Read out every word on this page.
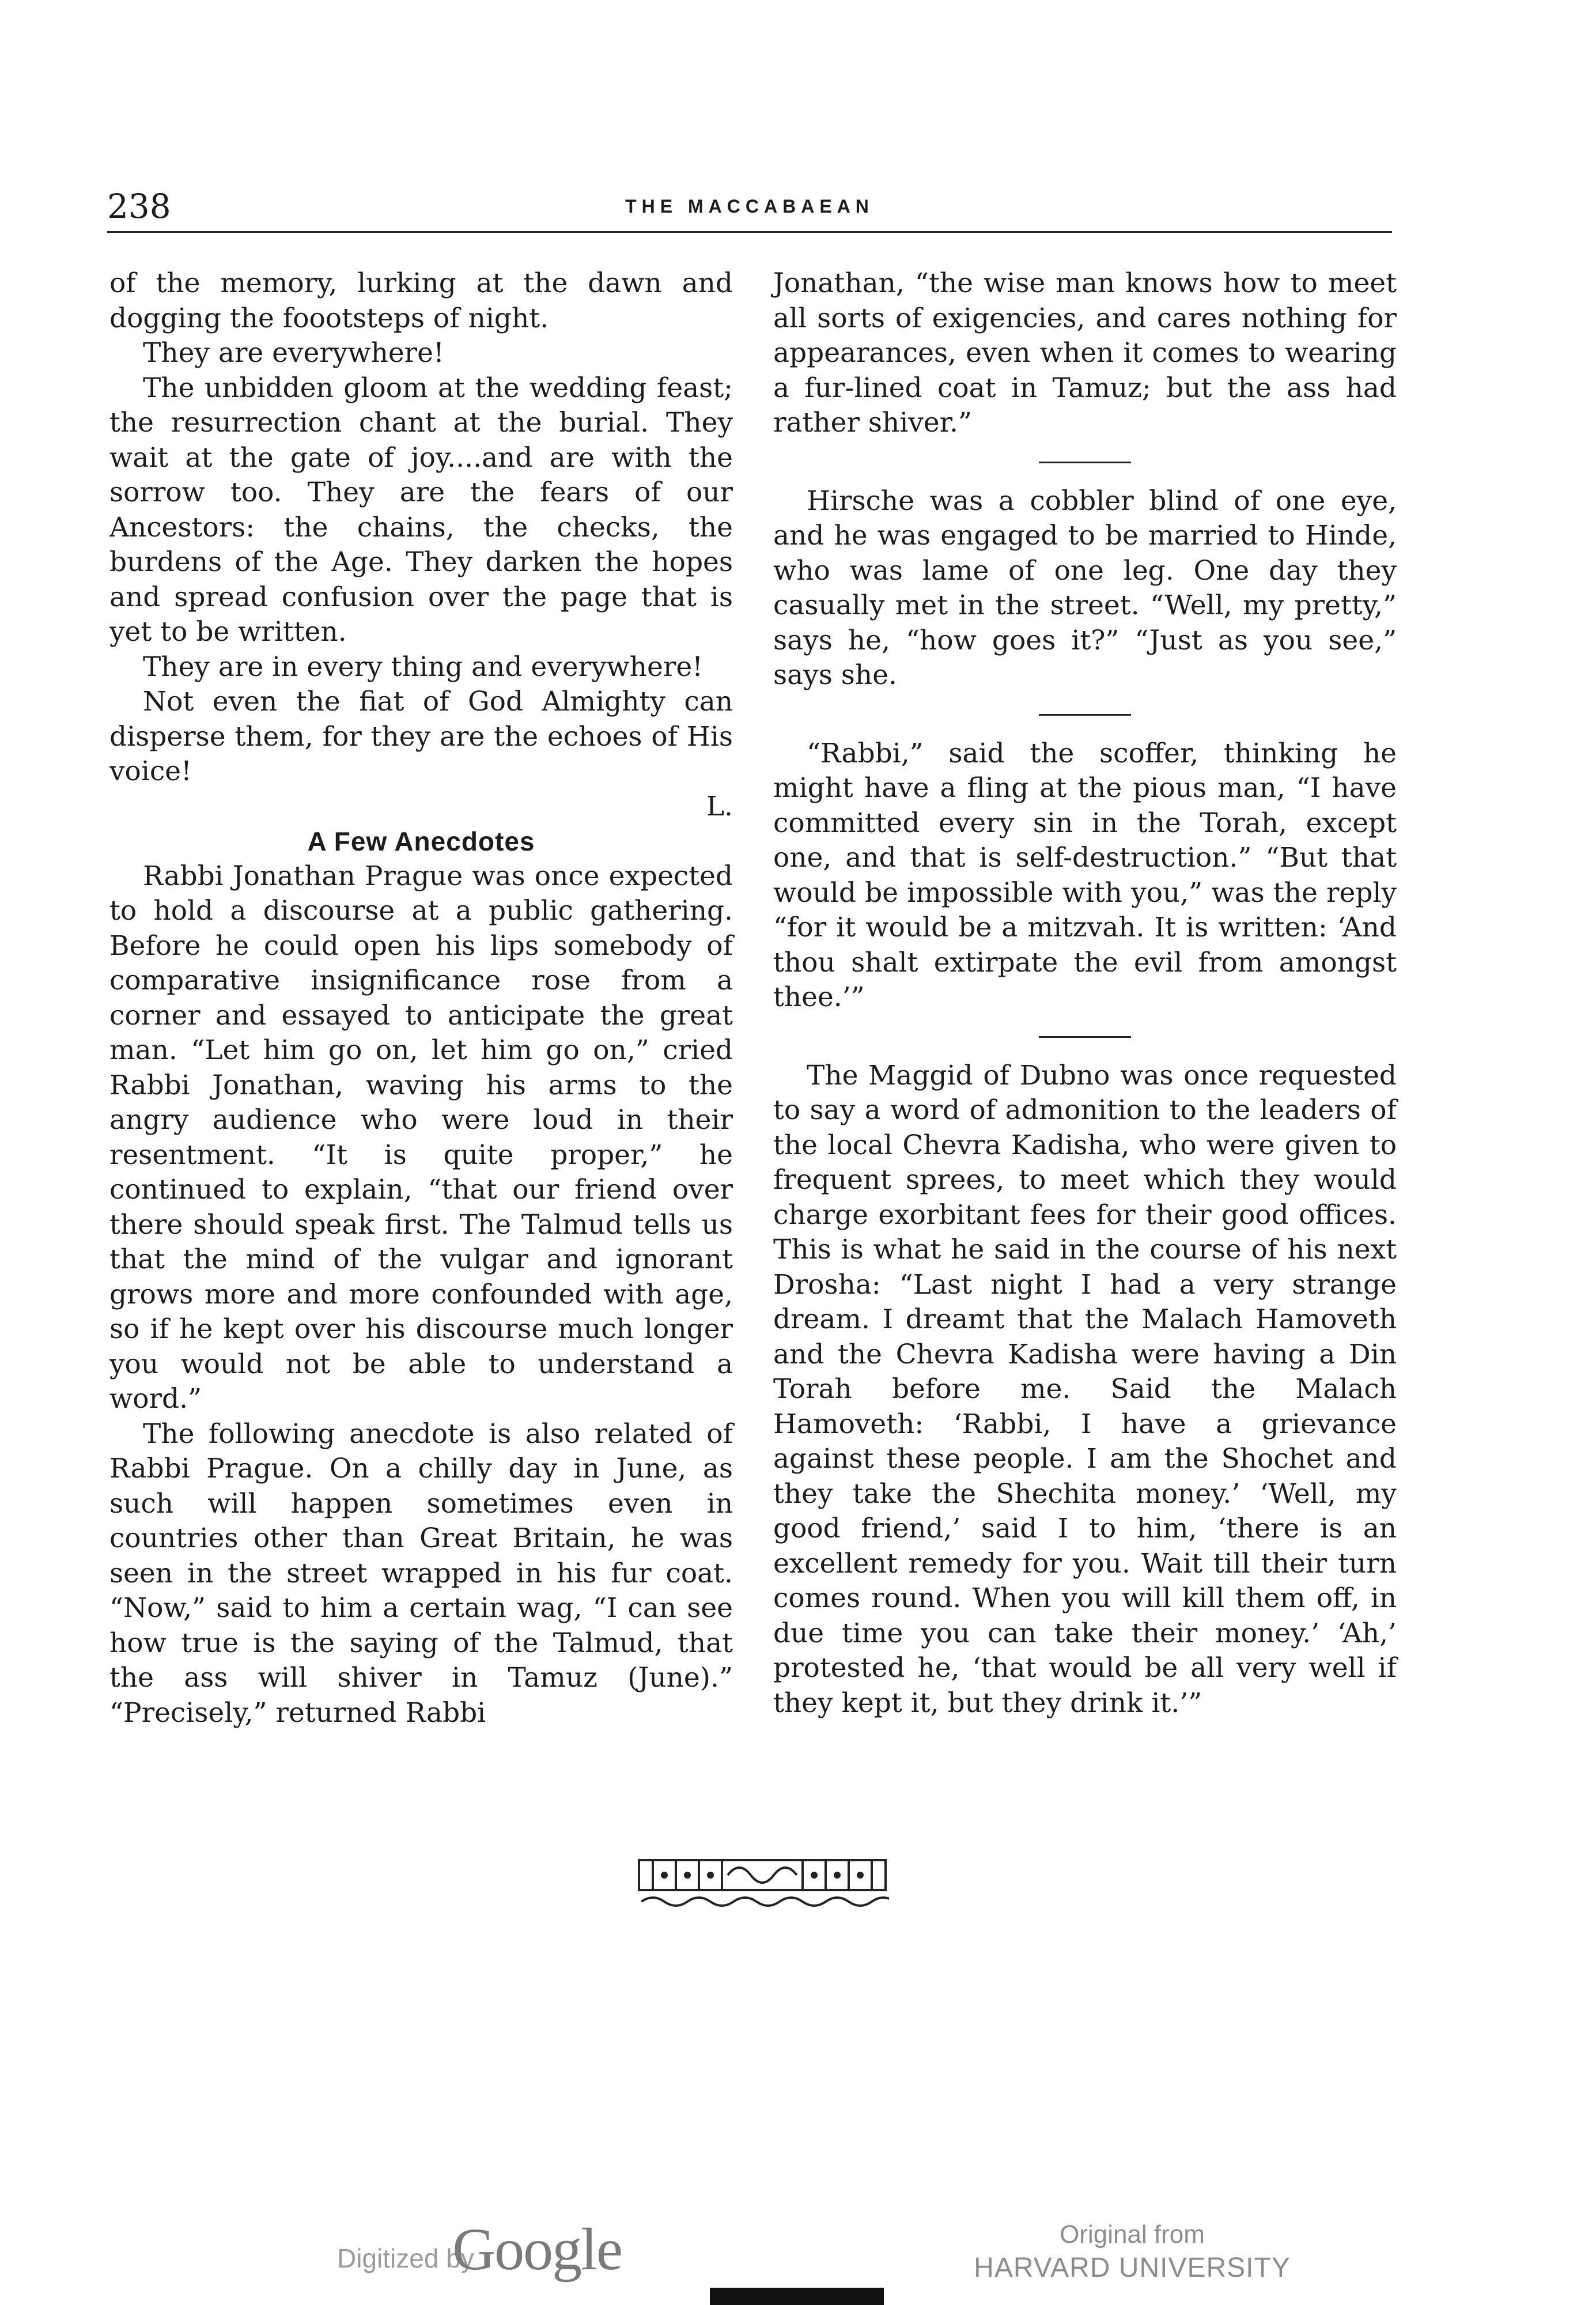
238	THE MACCABAEAN

of the memory, lurking at the dawn and dogging the foootsteps of night.

They are everywhere!

The unbidden gloom at the wedding feast; the resurrection chant at the burial. They wait at the gate of joy....and are with the sorrow too. They are the fears of our Ancestors: the chains, the checks, the burdens of the Age. They darken the hopes and spread confusion over the page that is yet to be written.

They are in every thing and everywhere!

Not even the fiat of God Almighty can disperse them, for they are the echoes of His voice!

L.
A Few Anecdotes

Rabbi Jonathan Prague was once expected to hold a discourse at a public gathering. Before he could open his lips somebody of comparative insignificance rose from a corner and essayed to anticipate the great man. “Let him go on, let him go on,” cried Rabbi Jonathan, waving his arms to the angry audience who were loud in their resentment. “It is quite proper,” he continued to explain, “that our friend over there should speak first. The Talmud tells us that the mind of the vulgar and ignorant grows more and more confounded with age, so if he kept over his discourse much longer you would not be able to understand a word.”

The following anecdote is also related of Rabbi Prague. On a chilly day in June, as such will happen sometimes even in countries other than Great Britain, he was seen in the street wrapped in his fur coat. “Now,” said to him a certain wag, “I can see how true is the saying of the Talmud, that the ass will shiver in Tamuz (June).” “Precisely,” returned Rabbi

Jonathan, “the wise man knows how to meet all sorts of exigencies, and cares nothing for appearances, even when it comes to wearing a fur-lined coat in Tamuz; but the ass had rather shiver.”

Hirsche was a cobbler blind of one eye, and he was engaged to be married to Hinde, who was lame of one leg. One day they casually met in the street. “Well, my pretty,” says he, “how goes it?” “Just as you see,” says she.

“Rabbi,” said the scoffer, thinking he might have a fling at the pious man, “I have committed every sin in the Torah, except one, and that is self-destruction.” “But that would be impossible with you,” was the reply “for it would be a mitzvah. It is written: ‘And thou shalt extirpate the evil from amongst thee.’”

The Maggid of Dubno was once requested to say a word of admonition to the leaders of the local Chevra Kadisha, who were given to frequent sprees, to meet which they would charge exorbitant fees for their good offices. This is what he said in the course of his next Drosha: “Last night I had a very strange dream. I dreamt that the Malach Hamoveth and the Chevra Kadisha were having a Din Torah before me. Said the Malach Hamoveth: ‘Rabbi, I have a grievance against these people. I am the Shochet and they take the Shechita money.’ ‘Well, my good friend,’ said I to him, ‘there is an excellent remedy for you. Wait till their turn comes round. When you will kill them off, in due time you can take their money.’ ‘Ah,’ protested he, ‘that would be all very well if they kept it, but they drink it.’”

Digitized by
Google	Original from
HARVARD UNIVERSITY
